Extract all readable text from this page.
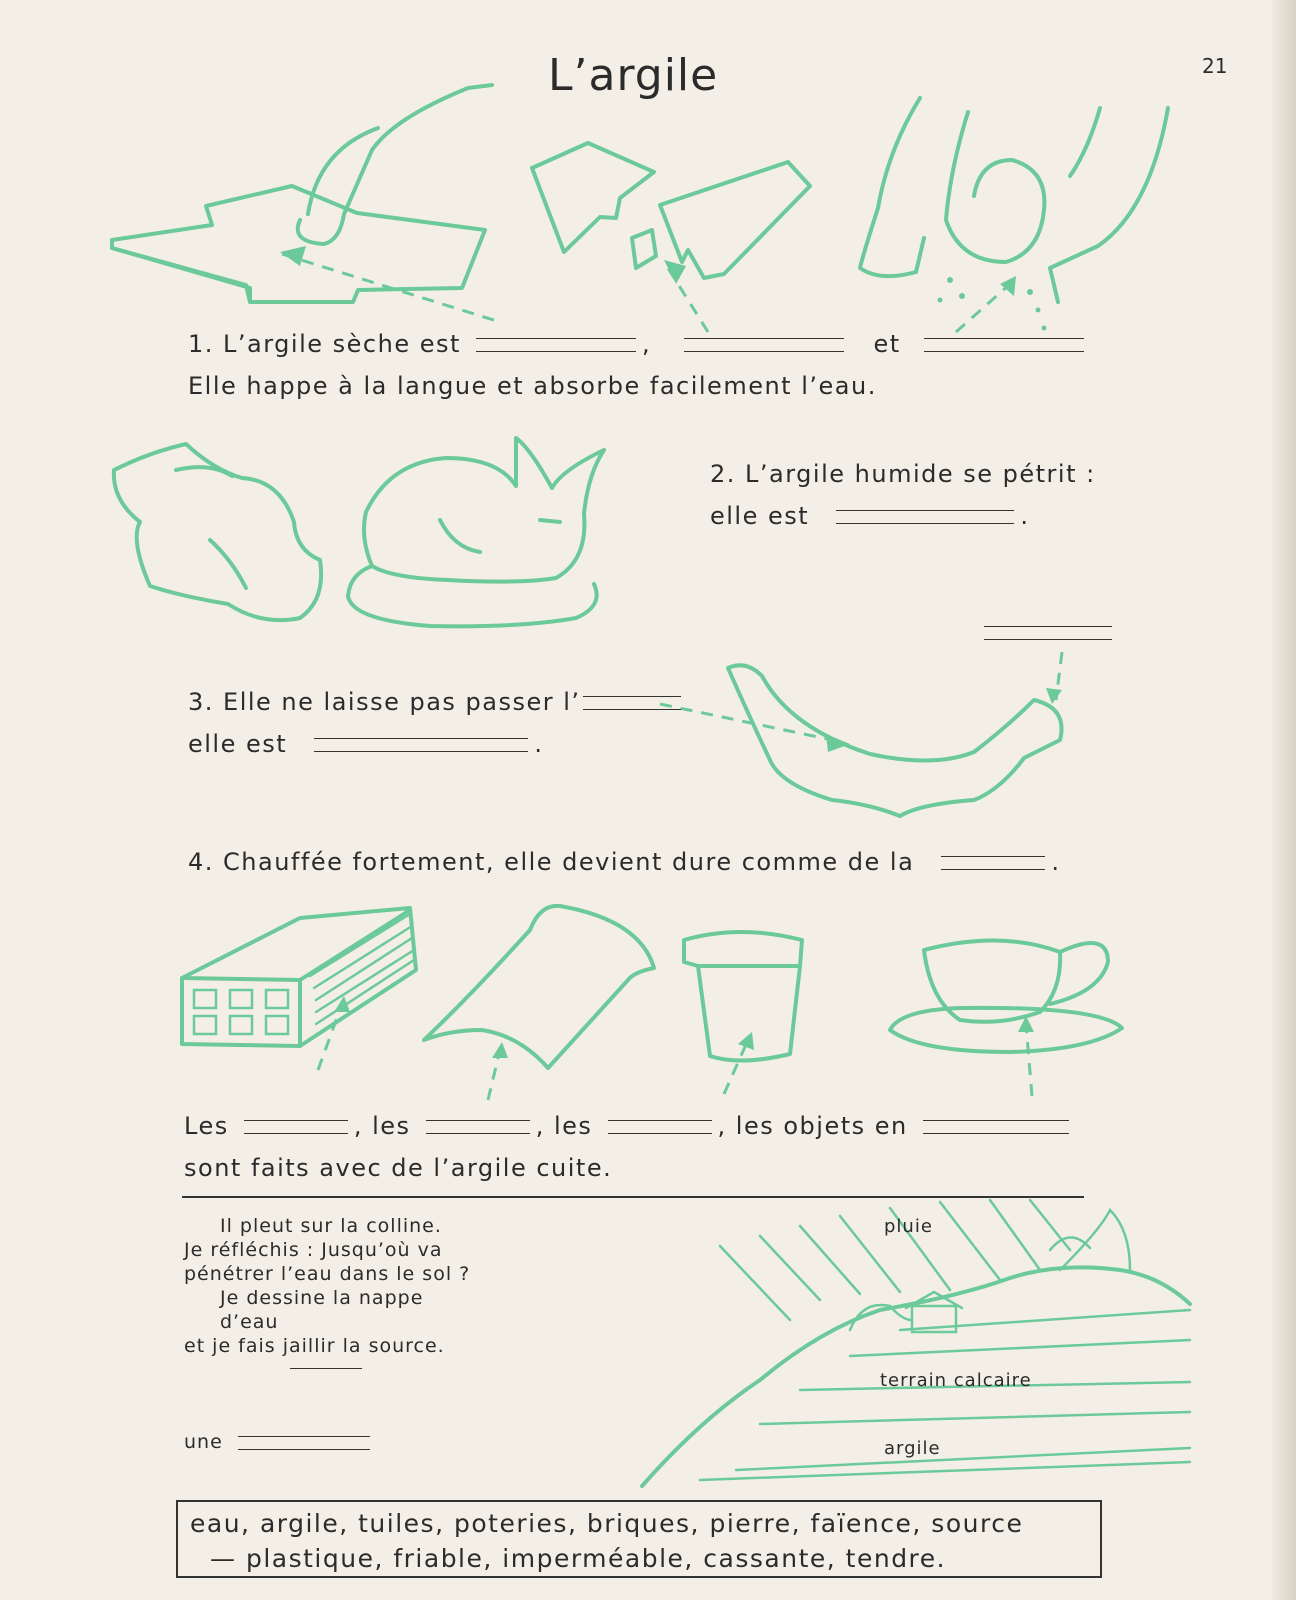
L’argile	21
1. L’argile sèche est	,	et
Elle happe à la langue et absorbe facilement l’eau.
2. L’argile humide se pétrit :
elle est	.
3. Elle ne laisse pas passer l’
elle est	.
4. Chauffée fortement, elle devient dure comme de la	.
Les	, les	, les	, les objets en
sont faits avec de l’argile cuite.
Il pleut sur la colline.
Je réfléchis : Jusqu’où va
pénétrer l’eau dans le sol ?
Je dessine la nappe d’eau
et je fais jaillir la source.
une
pluie
terrain calcaire
argile
eau, argile, tuiles, poteries, briques, pierre, faïence, source
— plastique, friable, imperméable, cassante, tendre.
